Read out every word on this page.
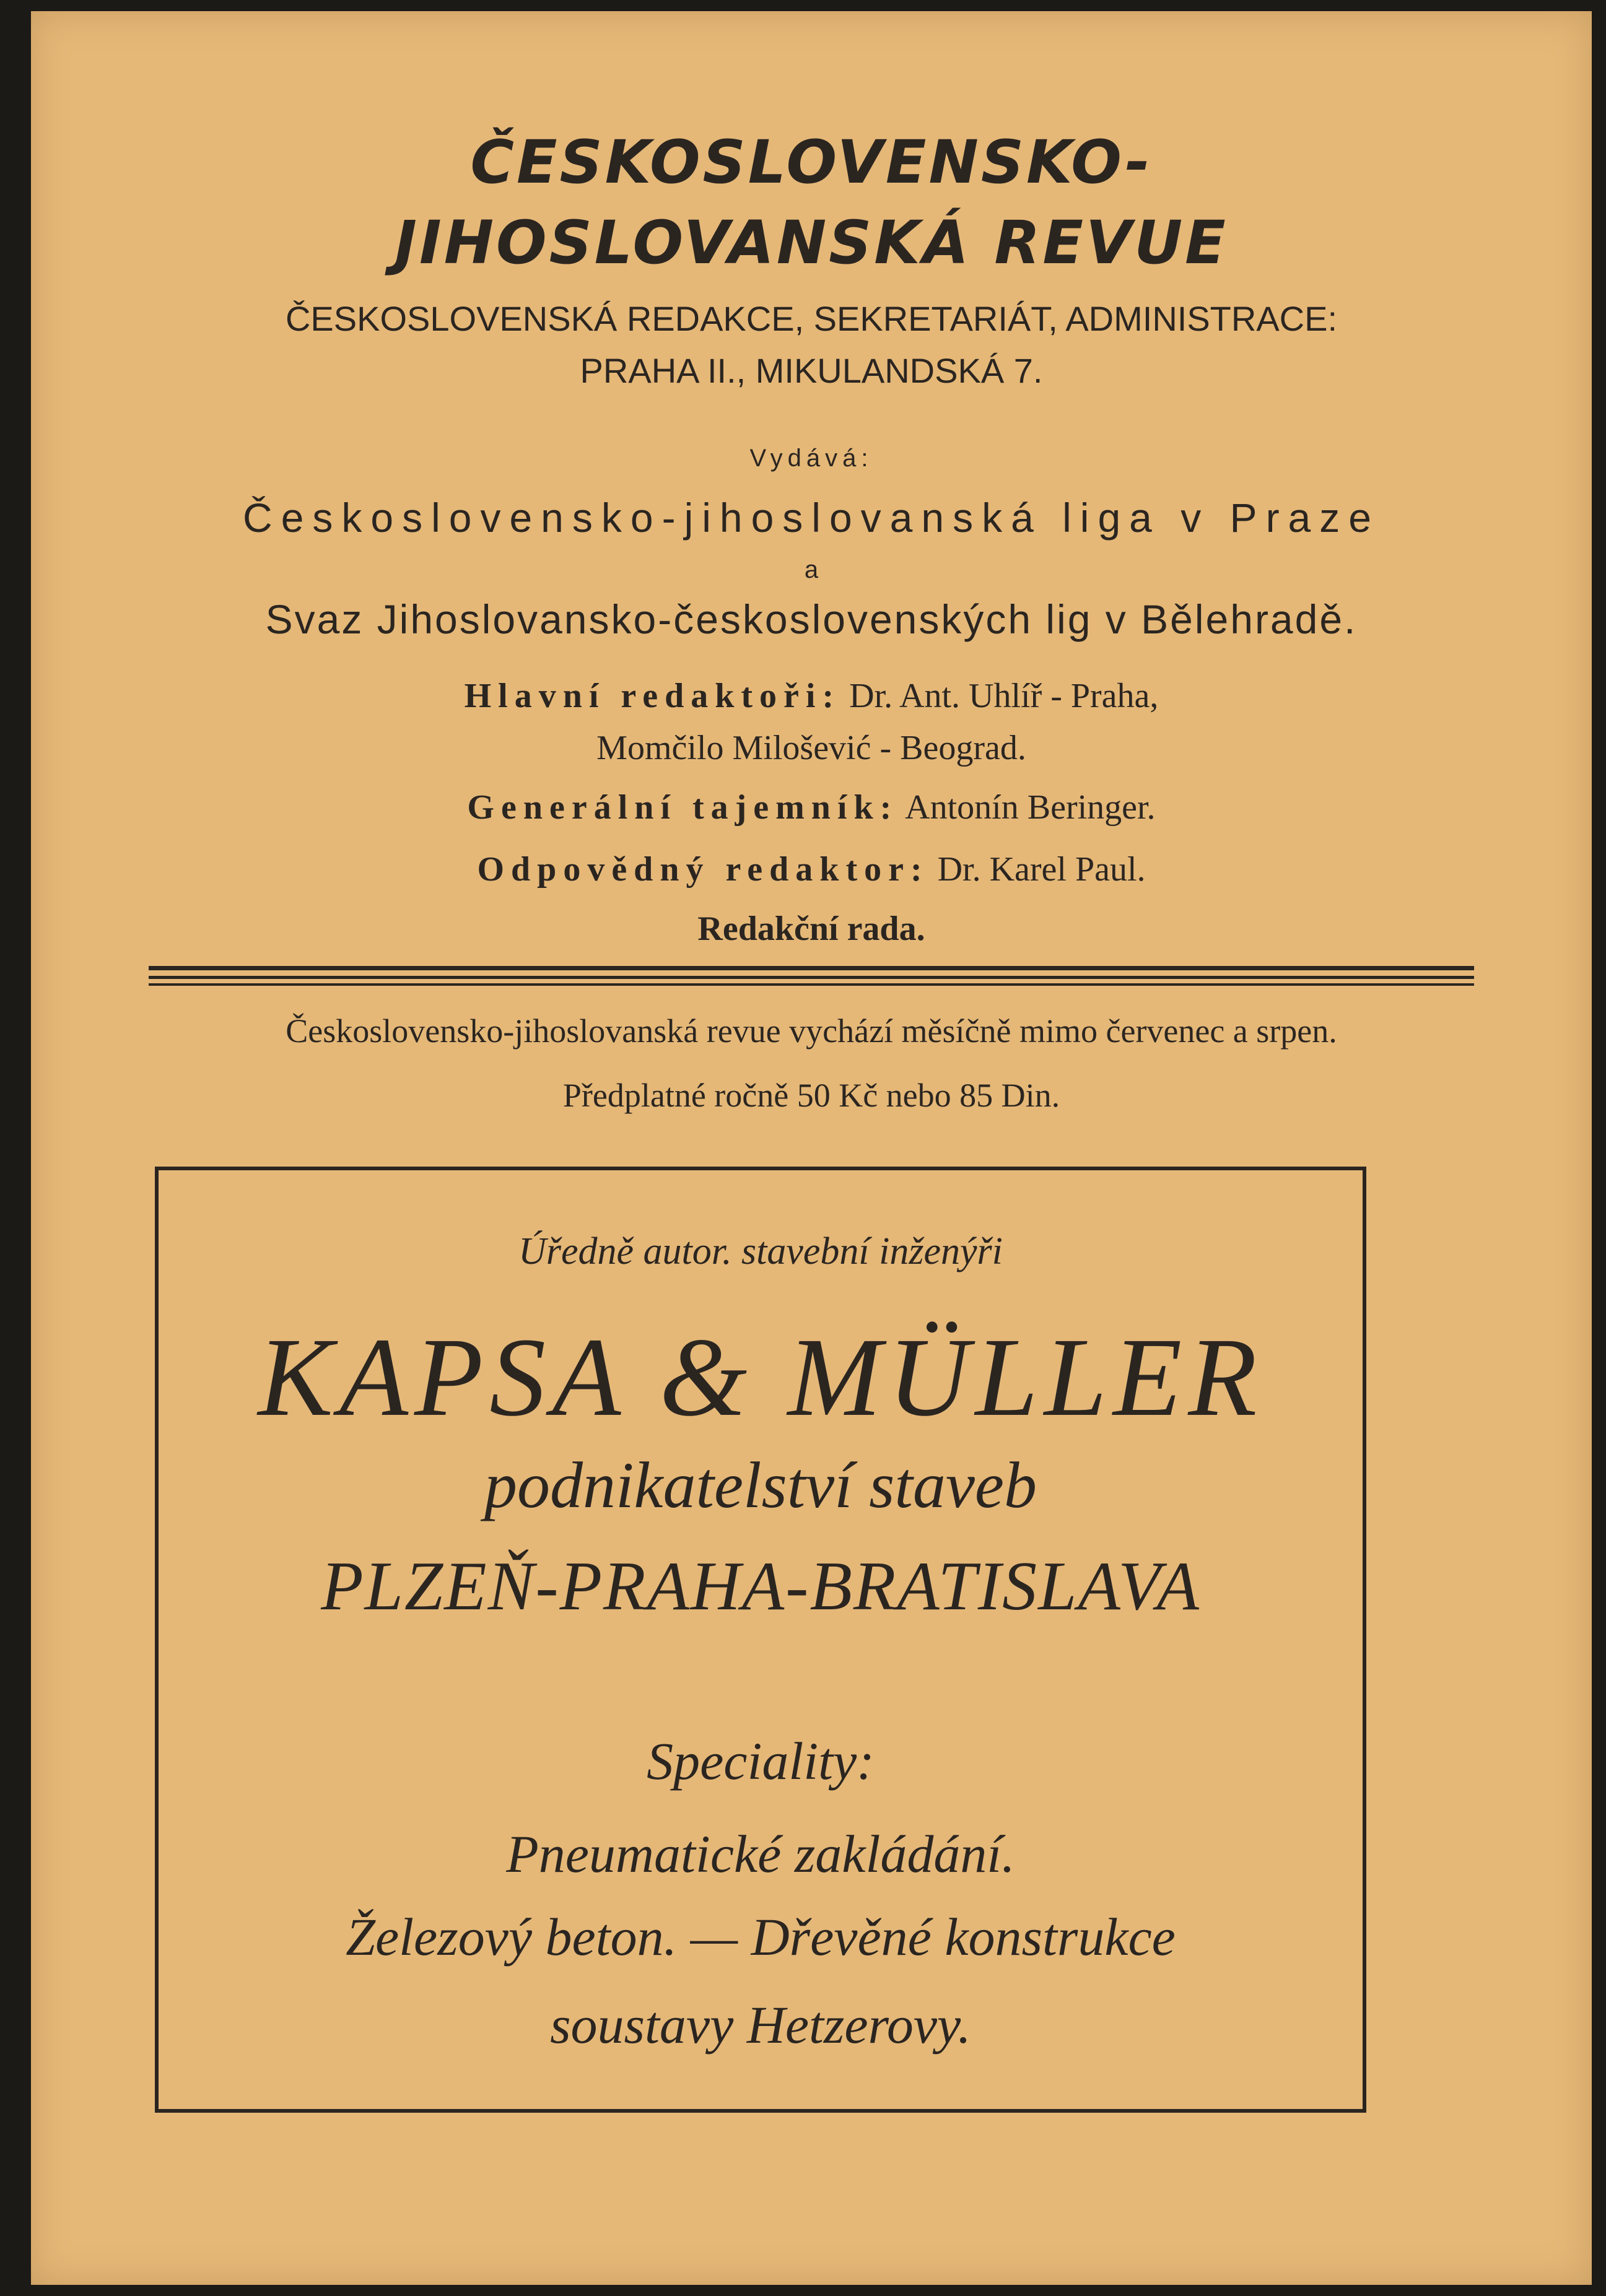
ČESKOSLOVENSKO-
JIHOSLOVANSKÁ REVUE
ČESKOSLOVENSKÁ REDAKCE, SEKRETARIÁT, ADMINISTRACE:
PRAHA II., MIKULANDSKÁ 7.
Vydává:
Československo-jihoslovanská liga v Praze
a
Svaz Jihoslovansko-československých lig v Bělehradě.
Hlavní redaktoři: Dr. Ant. Uhlíř - Praha,
Momčilo Milošević - Beograd.
Generální tajemník: Antonín Beringer.
Odpovědný redaktor: Dr. Karel Paul.
Redakční rada.
Československo-jihoslovanská revue vychází měsíčně mimo červenec a srpen.
Předplatné ročně 50 Kč nebo 85 Din.
Úředně autor. stavební inženýři
KAPSA & MÜLLER
podnikatelství staveb
PLZEŇ-PRAHA-BRATISLAVA
Speciality:
Pneumatické zakládání.
Železový beton. — Dřevěné konstrukce
soustavy Hetzerovy.
